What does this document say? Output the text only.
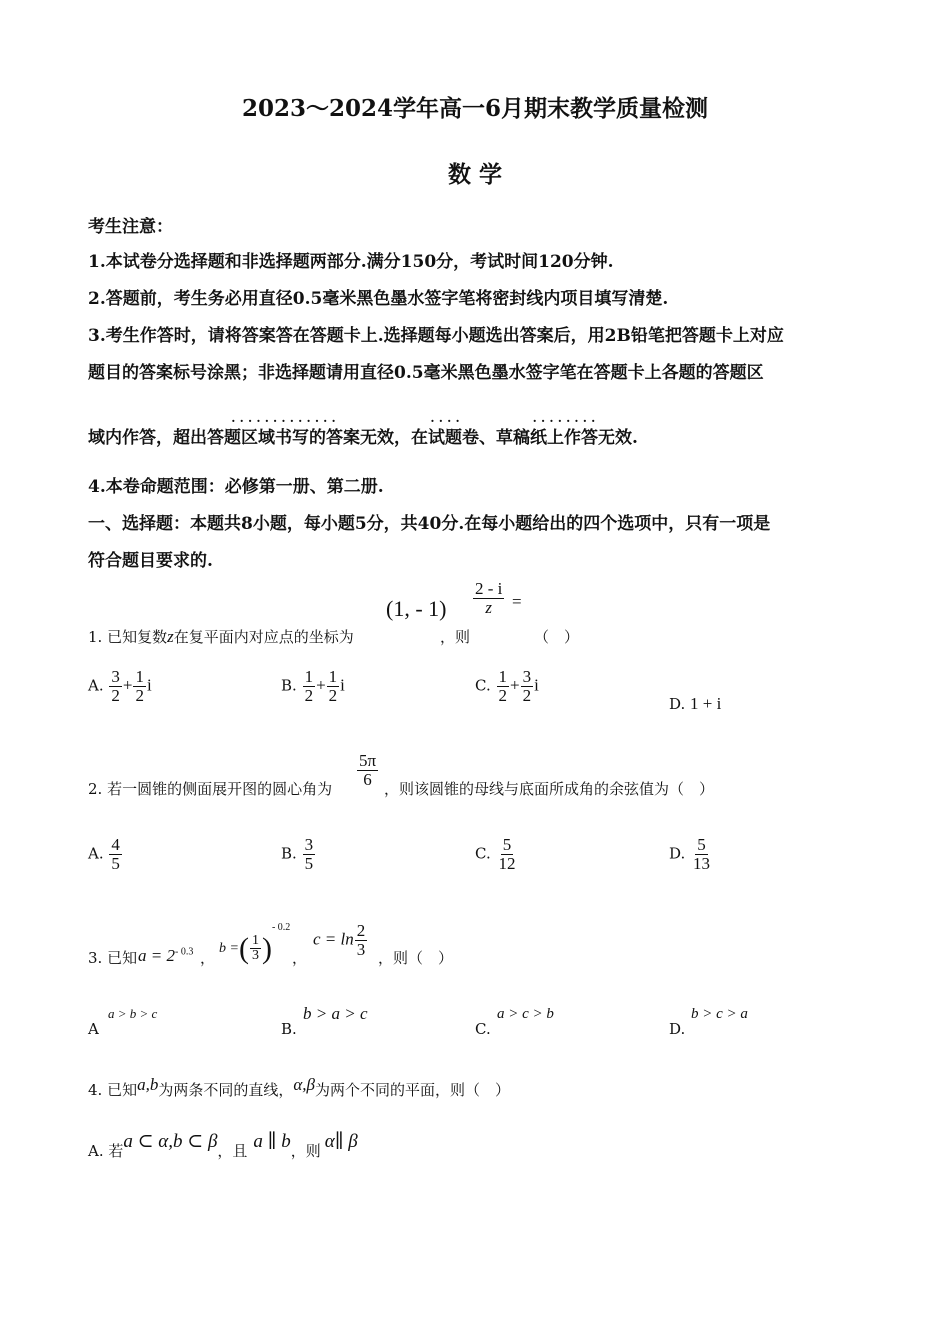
2023～2024学年高一6月期末教学质量检测
数 学
考生注意：
1.本试卷分选择题和非选择题两部分.满分150分，考试时间120分钟.
2.答题前，考生务必用直径0.5毫米黑色墨水签字笔将密封线内项目填写清楚.
3.考生作答时，请将答案答在答题卡上.选择题每小题选出答案后，用2B铅笔把答题卡上对应
题目的答案标号涂黑；非选择题请用直径0.5毫米黑色墨水签字笔在答题卡上各题的答题区
域内作答，
· · · · · · · · · · · · ·
超出答题区域书写的答案无效，
· · · ·
在试题卷、
· · · · · · · ·
草稿纸上作答无效.
4.本卷命题范围：必修第一册、第二册.
一、选择题：本题共8小题，每小题5分，共40分.在每小题给出的四个选项中，只有一项是
符合题目要求的.
1. 已知复数z在复平面内对应点的坐标为
(1, - 1)
，则
$\frac{2 - i}{z}$ =
（　）
A. $\frac{3}{2} + \frac{1}{2}$ i	B. $\frac{1}{2} + \frac{1}{2}$ i	C. $\frac{1}{2} + \frac{3}{2}$ i
D. 1 + i
2. 若一圆锥的侧面展开图的圆心角为
$\frac{5\pi}{6}$
，则该圆锥的母线与底面所成角的余弦值为（　）
A. $\frac{4}{5}$	B. $\frac{3}{5}$	C. $\frac{5}{12}$	D. $\frac{5}{13}$
3. 已知 $a = 2^{- 0.3}$ ，
b =( $\frac{1}{3} )^{- 0.2}$
，
$c = \ln \frac{2}{3}$ ，则（　）
A
a > b > c
B.
b > a > c
C.
a > c > b
D.
b > c > a
4. 已知a,b为两条不同的直线，α,β为两个不同的平面，则（　）
A. 若a ⊂ α,b ⊂ β，且 a ∥ b，则 α∥ β
